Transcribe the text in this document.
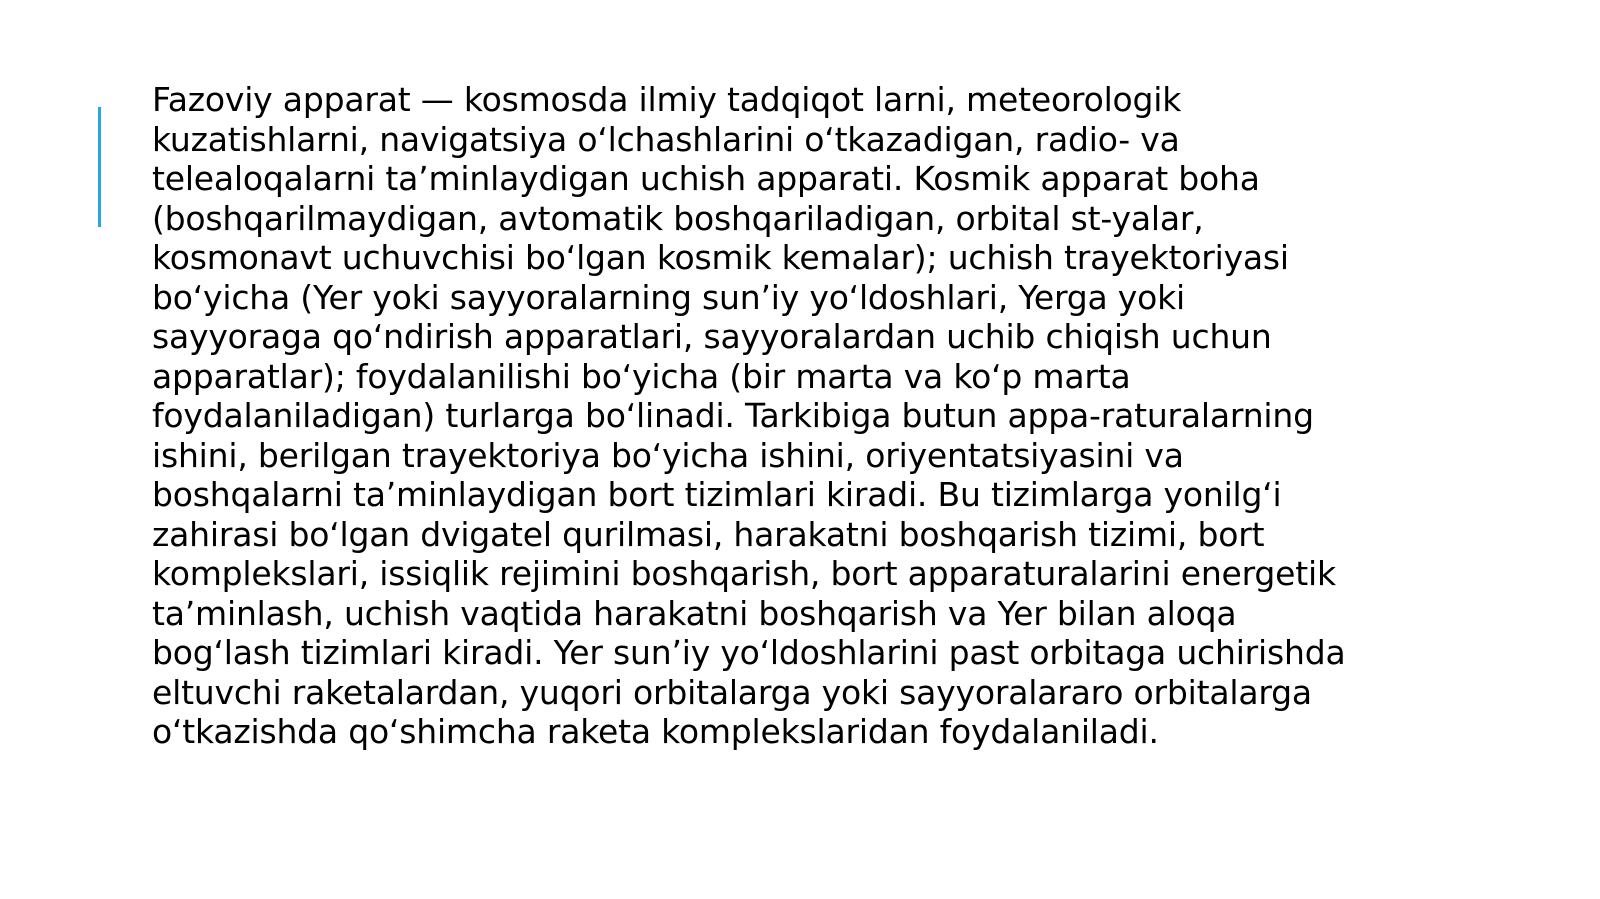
Fazoviy apparat — kosmosda ilmiy tadqiqot larni, meteorologik
kuzatishlarni, navigatsiya o‘lchashlarini o‘tkazadigan, radio- va
telealoqalarni ta’minlaydigan uchish apparati. Kosmik apparat boha
(boshqarilmaydigan, avtomatik boshqariladigan, orbital st-yalar,
kosmonavt uchuvchisi bo‘lgan kosmik kemalar); uchish trayektoriyasi
bo‘yicha (Yer yoki sayyoralarning sun’iy yo‘ldoshlari, Yerga yoki
sayyoraga qo‘ndirish apparatlari, sayyoralardan uchib chiqish uchun
apparatlar); foydalanilishi bo‘yicha (bir marta va ko‘p marta
foydalaniladigan) turlarga bo‘linadi. Tarkibiga butun appa-raturalarning
ishini, berilgan trayektoriya bo‘yicha ishini, oriyentatsiyasini va
boshqalarni ta’minlaydigan bort tizimlari kiradi. Bu tizimlarga yonilg‘i
zahirasi bo‘lgan dvigatel qurilmasi, harakatni boshqarish tizimi, bort
komplekslari, issiqlik rejimini boshqarish, bort apparaturalarini energetik
ta’minlash, uchish vaqtida harakatni boshqarish va Yer bilan aloqa
bog‘lash tizimlari kiradi. Yer sun’iy yo‘ldoshlarini past orbitaga uchirishda
eltuvchi raketalardan, yuqori orbitalarga yoki sayyoralararo orbitalarga
o‘tkazishda qo‘shimcha raketa komplekslaridan foydalaniladi.
